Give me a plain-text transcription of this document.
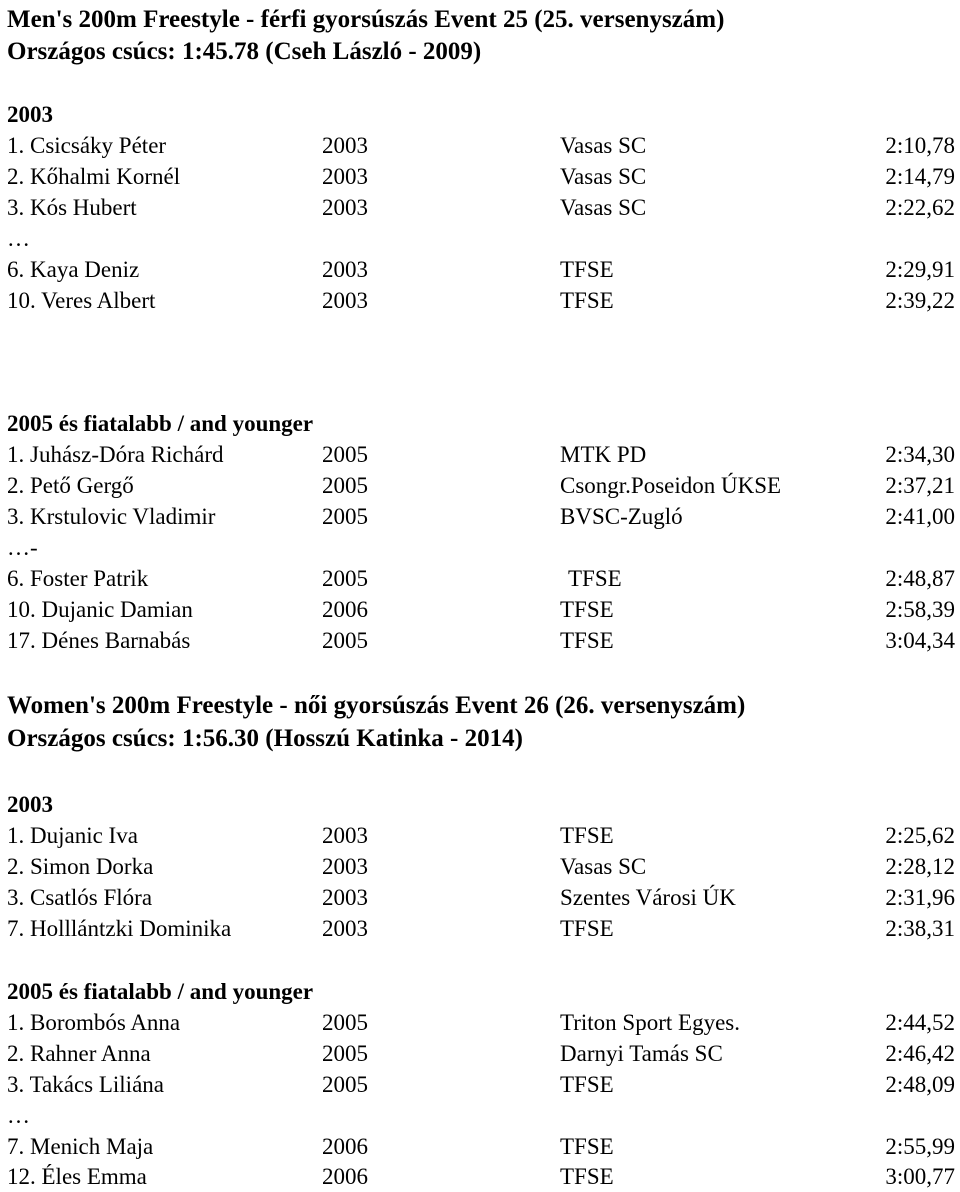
Men's 200m Freestyle - férfi gyorsúszás Event 25 (25. versenyszám)
Országos csúcs: 1:45.78 (Cseh László - 2009)
2003
1. Csicsáky Péter	2003	Vasas SC	2:10,78
2. Kőhalmi Kornél	2003	Vasas SC	2:14,79
3. Kós Hubert	2003	Vasas SC	2:22,62
…
6. Kaya Deniz	2003	TFSE	2:29,91
10. Veres Albert	2003	TFSE	2:39,22
2005 és fiatalabb / and younger
1. Juhász-Dóra Richárd	2005	MTK PD	2:34,30
2. Pető Gergő	2005	Csongr.Poseidon ÚKSE	2:37,21
3. Krstulovic Vladimir	2005	BVSC-Zugló	2:41,00
…-
6. Foster Patrik	2005	TFSE	2:48,87
10. Dujanic Damian	2006	TFSE	2:58,39
17. Dénes Barnabás	2005	TFSE	3:04,34
Women's 200m Freestyle - női gyorsúszás Event 26 (26. versenyszám)
Országos csúcs: 1:56.30 (Hosszú Katinka - 2014)
2003
1. Dujanic Iva	2003	TFSE	2:25,62
2. Simon Dorka	2003	Vasas SC	2:28,12
3. Csatlós Flóra	2003	Szentes Városi ÚK	2:31,96
7. Holllántzki Dominika	2003	TFSE	2:38,31
2005 és fiatalabb / and younger
1. Borombós Anna	2005	Triton Sport Egyes.	2:44,52
2. Rahner Anna	2005	Darnyi Tamás SC	2:46,42
3. Takács Liliána	2005	TFSE	2:48,09
…
7. Menich Maja	2006	TFSE	2:55,99
12. Éles Emma	2006	TFSE	3:00,77
